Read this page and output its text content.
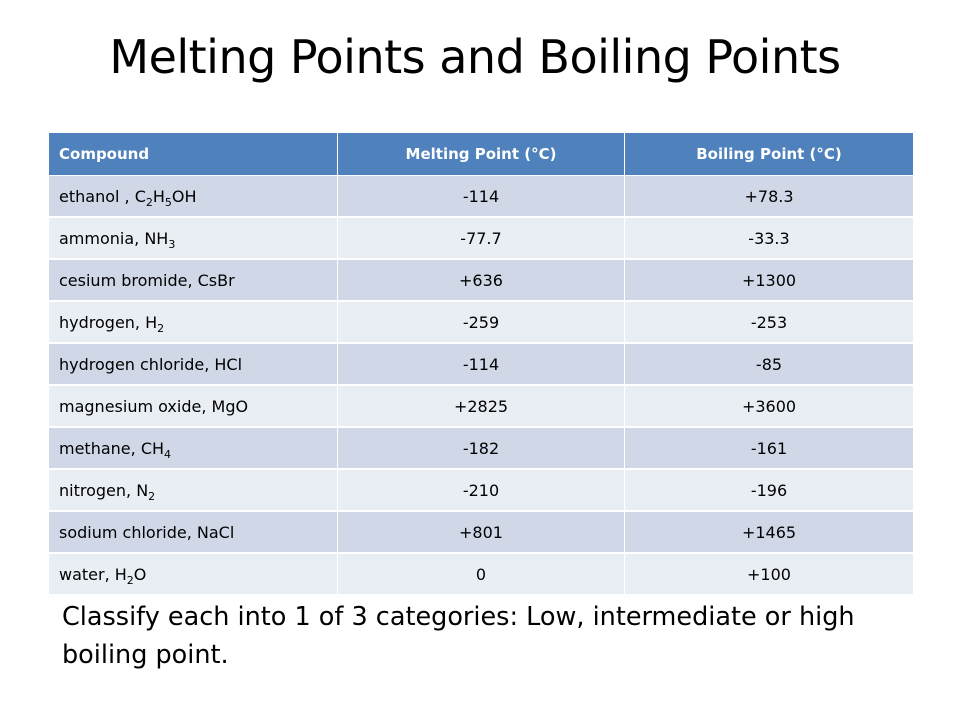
Melting Points and Boiling Points
Compound	Melting Point (°C)	Boiling Point (°C)
ethanol , $C_2H_5OH$	-114	+78.3
ammonia, $NH_3$	-77.7	-33.3
cesium bromide, CsBr	+636	+1300
hydrogen, $H_2$	-259	-253
hydrogen chloride, HCl	-114	-85
magnesium oxide, MgO	+2825	+3600
methane, $CH_4$	-182	-161
nitrogen, $N_2$	-210	-196
sodium chloride, NaCl	+801	+1465
water, $H_2O$	0	+100

Classify each into 1 of 3 categories: Low, intermediate or high boiling point.
